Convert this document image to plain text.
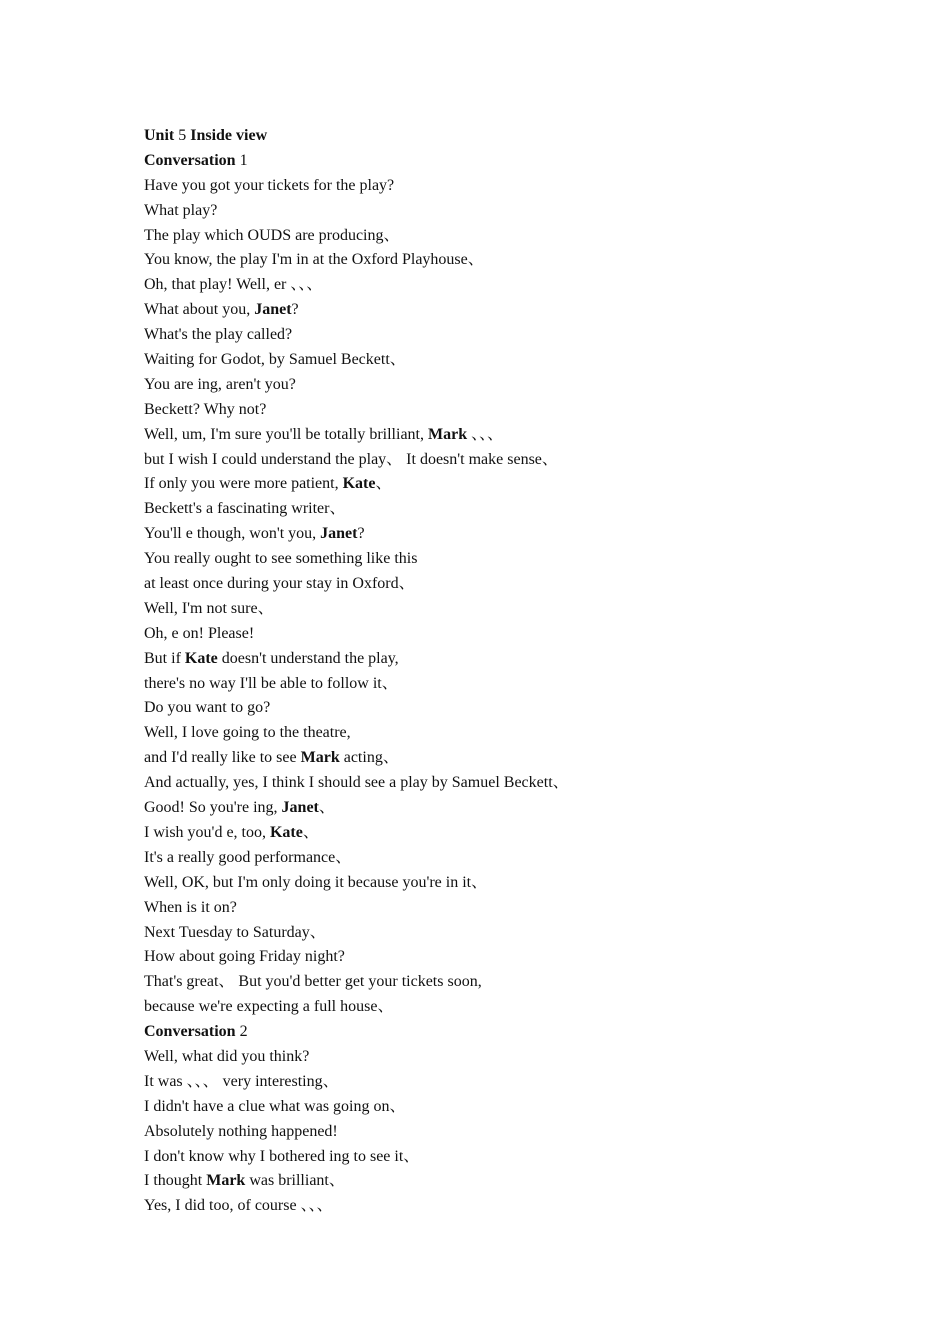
Unit 5 Inside view
Conversation 1
Have you got your tickets for the play?
What play?
The play which OUDS are producing、
You know, the play I'm in at the Oxford Playhouse、
Oh, that play! Well, er 、、、
What about you, Janet?
What's the play called?
Waiting for Godot, by Samuel Beckett、
You are ing, aren't you?
Beckett? Why not?
Well, um, I'm sure you'll be totally brilliant, Mark 、、、
but I wish I could understand the play、 It doesn't make sense、
If only you were more patient, Kate、
Beckett's a fascinating writer、
You'll e though, won't you, Janet?
You really ought to see something like this
at least once during your stay in Oxford、
Well, I'm not sure、
Oh, e on! Please!
But if Kate doesn't understand the play,
there's no way I'll be able to follow it、
Do you want to go?
Well, I love going to the theatre,
and I'd really like to see Mark acting、
And actually, yes, I think I should see a play by Samuel Beckett、
Good! So you're ing, Janet、
I wish you'd e, too, Kate、
It's a really good performance、
Well, OK, but I'm only doing it because you're in it、
When is it on?
Next Tuesday to Saturday、
How about going Friday night?
That's great、 But you'd better get your tickets soon,
because we're expecting a full house、
Conversation 2
Well, what did you think?
It was 、、、 very interesting、
I didn't have a clue what was going on、
Absolutely nothing happened!
I don't know why I bothered ing to see it、
I thought Mark was brilliant、
Yes, I did too, of course 、、、
